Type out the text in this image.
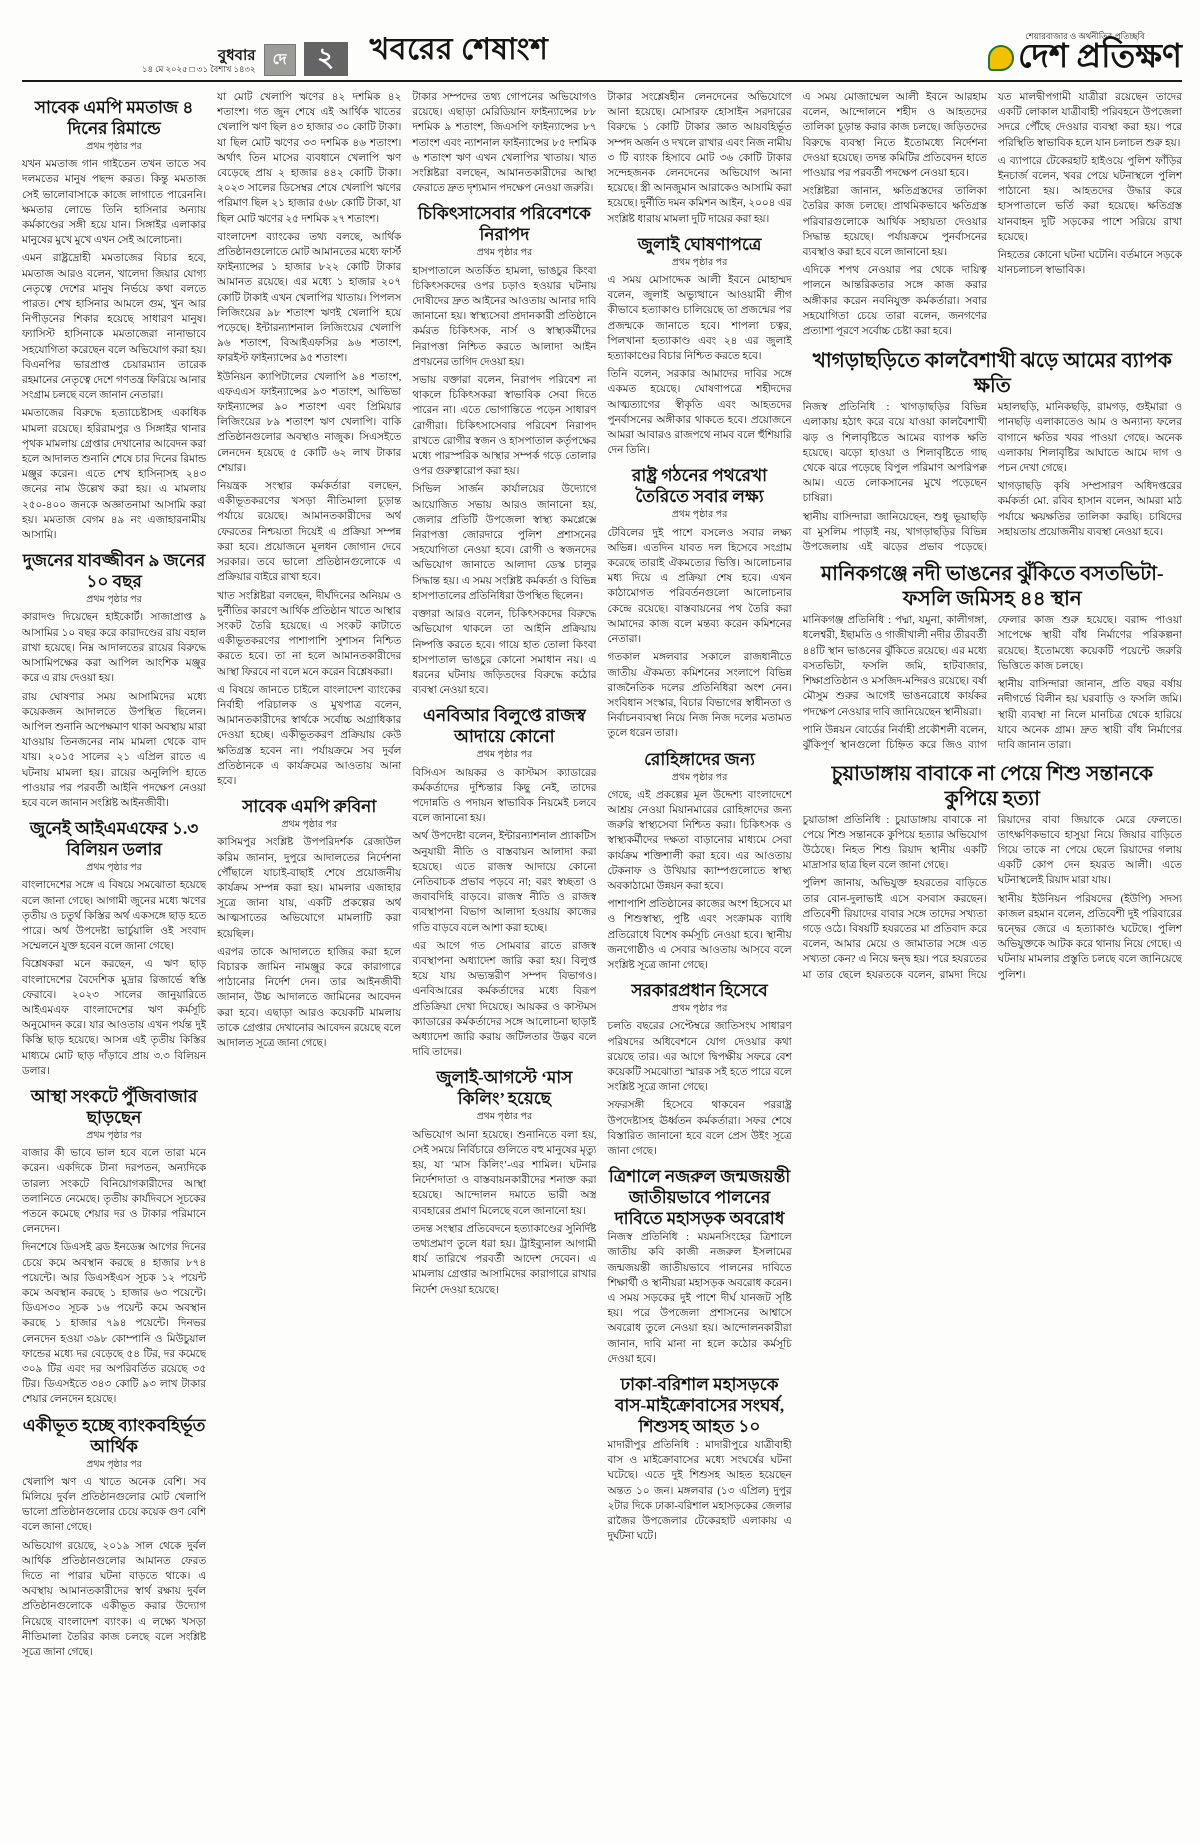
বুধবার
১৪ মে ২০২৫ □ ৩১ বৈশাখ ১৪৩২
দে	২	খবরের শেষাংশ	শেয়ারবাজার ও অর্থনীতির প্রতিচ্ছবি
দেশ প্রতিক্ষণ
সাবেক এমপি মমতাজ ৪ দিনের রিমান্ডে
প্রথম পৃষ্ঠার পর

যখন মমতাজ গান গাইতেন তখন তাতে সব দলমতের মানুষ পছন্দ করত। কিন্তু মমতাজ সেই ভালোবাসাকে কাজে লাগাতে পারেননি। ক্ষমতার লোভে তিনি হাসিনার অন্যায় কর্মকাণ্ডের সঙ্গী হয়ে যান। সিঙ্গাইর এলাকার মানুষের মুখে মুখে এখন সেই আলোচনা।

এমন রাষ্ট্রদ্রোহী মমতাজের বিচার হবে, মমতাজ আরও বলেন, খালেদা জিয়ার যোগ্য নেতৃত্বে দেশের মানুষ নির্ভয়ে কথা বলতে পারত। শেখ হাসিনার আমলে গুম, খুন আর নিপীড়নের শিকার হয়েছে সাধারণ মানুষ। ফ্যাসিস্ট হাসিনাকে মমতাজেরা নানাভাবে সহযোগিতা করেছেন বলে অভিযোগ করা হয়। বিএনপির ভারপ্রাপ্ত চেয়ারম্যান তারেক রহমানের নেতৃত্বে দেশে গণতন্ত্র ফিরিয়ে আনার সংগ্রাম চলছে বলে জানান নেতারা।

মমতাজের বিরুদ্ধে হত্যাচেষ্টাসহ একাধিক মামলা রয়েছে। হরিরামপুর ও সিঙ্গাইর থানার পৃথক মামলায় গ্রেপ্তার দেখানোর আবেদন করা হলে আদালত শুনানি শেষে চার দিনের রিমান্ড মঞ্জুর করেন। এতে শেখ হাসিনাসহ ২৪৩ জনের নাম উল্লেখ করা হয়। এ মামলায় ২৫০-৪০০ জনকে অজ্ঞাতনামা আসামি করা হয়। মমতাজ বেগম ৪৯ নং এজাহারনামীয় আসামি।

দুজনের যাবজ্জীবন ৯ জনের ১০ বছর
প্রথম পৃষ্ঠার পর

কারাদণ্ড দিয়েছেন হাইকোর্ট। সাজাপ্রাপ্ত ৯ আসামির ১০ বছর করে কারাদণ্ডের রায় বহাল রাখা হয়েছে। নিম্ন আদালতের রায়ের বিরুদ্ধে আসামিপক্ষের করা আপিল আংশিক মঞ্জুর করে এ রায় দেওয়া হয়।

রায় ঘোষণার সময় আসামিদের মধ্যে কয়েকজন আদালতে উপস্থিত ছিলেন। আপিল শুনানি অপেক্ষমাণ থাকা অবস্থায় মারা যাওয়ায় তিনজনের নাম মামলা থেকে বাদ যায়। ২০১৫ সালের ২১ এপ্রিল রাতে এ ঘটনায় মামলা হয়। রায়ের অনুলিপি হাতে পাওয়ার পর পরবর্তী আইনি পদক্ষেপ নেওয়া হবে বলে জানান সংশ্লিষ্ট আইনজীবী।

জুনেই আইএমএফের ১.৩ বিলিয়ন ডলার
প্রথম পৃষ্ঠার পর

বাংলাদেশের সঙ্গে এ বিষয়ে সমঝোতা হয়েছে বলে জানা গেছে। আগামী জুনের মধ্যে ঋণের তৃতীয় ও চতুর্থ কিস্তির অর্থ একসঙ্গে ছাড় হতে পারে। অর্থ উপদেষ্টা ভার্চুয়ালি ওই সংবাদ সম্মেলনে যুক্ত হবেন বলে জানা গেছে।

বিশ্লেষকরা মনে করছেন, এ ঋণ ছাড় বাংলাদেশের বৈদেশিক মুদ্রার রিজার্ভে স্বস্তি ফেরাবে। ২০২৩ সালের জানুয়ারিতে আইএমএফ বাংলাদেশের ঋণ কর্মসূচি অনুমোদন করে। যার আওতায় এখন পর্যন্ত দুই কিস্তি ছাড় হয়েছে। আসন্ন এই তৃতীয় কিস্তির মাধ্যমে মোট ছাড় দাঁড়াবে প্রায় ৩.৩ বিলিয়ন ডলার।

আস্থা সংকটে পুঁজিবাজার ছাড়ছেন
প্রথম পৃষ্ঠার পর

বাজার কী ভাবে ভাল হবে বলে তারা মনে করেন। একদিকে টানা দরপতন, অন্যদিকে তারল্য সংকটে বিনিয়োগকারীদের আস্থা তলানিতে নেমেছে। তৃতীয় কার্যদিবসে সূচকের পতনে কমেছে শেয়ার দর ও টাকার পরিমানে লেনদেন।

দিনশেষে ডিএসই ব্রড ইনডেক্স আগের দিনের চেয়ে কমে অবস্থান করছে ৪ হাজার ৮৭৪ পয়েন্টে। আর ডিএসইএস সূচক ১২ পয়েন্ট কমে অবস্থান করছে ১ হাজার ৬৩ পয়েন্টে। ডিএস৩০ সূচক ১৬ পয়েন্ট কমে অবস্থান করছে ১ হাজার ৭৯৪ পয়েন্টে। দিনভর লেনদেন হওয়া ৩৯৮ কোম্পানি ও মিউচুয়াল ফান্ডের মধ্যে দর বেড়েছে ৫৪ টির, দর কমেছে ৩০৯ টির এবং দর অপরিবর্তিত রয়েছে ৩৫ টির। ডিএসইতে ৩৪৩ কোটি ৯৩ লাখ টাকার শেয়ার লেনদেন হয়েছে।

একীভূত হচ্ছে ব্যাংকবহির্ভূত আর্থিক
প্রথম পৃষ্ঠার পর

খেলাপি ঋণ এ খাতে অনেক বেশি। সব মিলিয়ে দুর্বল প্রতিষ্ঠানগুলোর মোট খেলাপি ভালো প্রতিষ্ঠানগুলোর চেয়ে কয়েক গুণ বেশি বলে জানা গেছে।

অভিযোগ রয়েছে, ২০১৯ সাল থেকে দুর্বল আর্থিক প্রতিষ্ঠানগুলোর আমানত ফেরত দিতে না পারার ঘটনা বাড়তে থাকে। এ অবস্থায় আমানতকারীদের স্বার্থ রক্ষায় দুর্বল প্রতিষ্ঠানগুলোকে একীভূত করার উদ্যোগ নিয়েছে বাংলাদেশ ব্যাংক। এ লক্ষ্যে খসড়া নীতিমালা তৈরির কাজ চলছে বলে সংশ্লিষ্ট সূত্রে জানা গেছে।

যা মোট খেলাপি ঋণের ৪২ দশমিক ৪২ শতাংশ। গত জুন শেষে এই আর্থিক খাতের খেলাপি ঋণ ছিল ৪৩ হাজার ৩০ কোটি টাকা। যা ছিল মোট ঋণের ৩৩ দশমিক ৪৬ শতাংশ। অর্থাৎ তিন মাসের ব্যবধানে খেলাপি ঋণ বেড়েছে প্রায় ২ হাজার ৪৪২ কোটি টাকা। ২০২৩ সালের ডিসেম্বর শেষে খেলাপি ঋণের পরিমাণ ছিল ২১ হাজার ৫৬৮ কোটি টাকা, যা ছিল মোট ঋণের ২৫ দশমিক ২৭ শতাংশ।

বাংলাদেশ ব্যাংকের তথ্য বলছে, আর্থিক প্রতিষ্ঠানগুলোতে মোট আমানতের মধ্যে ফার্স্ট ফাইন্যান্সের ১ হাজার ৮২২ কোটি টাকার আমানত রয়েছে। এর মধ্যে ১ হাজার ২০৭ কোটি টাকাই এখন খেলাপির খাতায়। পিপলস লিজিংয়ের ৯৮ শতাংশ ঋণই খেলাপি হয়ে পড়েছে। ইন্টারন্যাশনাল লিজিংয়ের খেলাপি ৯৬ শতাংশ, বিআইএফসির ৯৬ শতাংশ, ফারইস্ট ফাইন্যান্সের ৯৫ শতাংশ।

ইউনিয়ন ক্যাপিটালের খেলাপি ৯৪ শতাংশ, এফএএস ফাইন্যান্সের ৯৩ শতাংশ, আভিভা ফাইন্যান্সের ৯০ শতাংশ এবং প্রিমিয়ার লিজিংয়ের ৮৯ শতাংশ ঋণ খেলাপি। বাকি প্রতিষ্ঠানগুলোর অবস্থাও নাজুক। সিএসইতে লেনদেন হয়েছে ৫ কোটি ৬২ লাখ টাকার শেয়ার।

নিয়ন্ত্রক সংস্থার কর্মকর্তারা বলছেন, একীভূতকরণের খসড়া নীতিমালা চূড়ান্ত পর্যায়ে রয়েছে। আমানতকারীদের অর্থ ফেরতের নিশ্চয়তা দিয়েই এ প্রক্রিয়া সম্পন্ন করা হবে। প্রয়োজনে মূলধন জোগান দেবে সরকার। তবে ভালো প্রতিষ্ঠানগুলোকে এ প্রক্রিয়ার বাইরে রাখা হবে।

খাত সংশ্লিষ্টরা বলছেন, দীর্ঘদিনের অনিয়ম ও দুর্নীতির কারণে আর্থিক প্রতিষ্ঠান খাতে আস্থার সংকট তৈরি হয়েছে। এ সংকট কাটাতে একীভূতকরণের পাশাপাশি সুশাসন নিশ্চিত করতে হবে। তা না হলে আমানতকারীদের আস্থা ফিরবে না বলে মনে করেন বিশ্লেষকরা।

এ বিষয়ে জানতে চাইলে বাংলাদেশ ব্যাংকের নির্বাহী পরিচালক ও মুখপাত্র বলেন, আমানতকারীদের স্বার্থকে সর্বোচ্চ অগ্রাধিকার দেওয়া হচ্ছে। একীভূতকরণ প্রক্রিয়ায় কেউ ক্ষতিগ্রস্ত হবেন না। পর্যায়ক্রমে সব দুর্বল প্রতিষ্ঠানকে এ কার্যক্রমের আওতায় আনা হবে।

সাবেক এমপি রুবিনা
প্রথম পৃষ্ঠার পর

কাসিমপুর সংশ্লিষ্ট উপপরিদর্শক রেজাউল করিম জানান, দুপুরে আদালতের নির্দেশনা পৌঁছালে যাচাই-বাছাই শেষে প্রয়োজনীয় কার্যক্রম সম্পন্ন করা হয়। মামলার এজাহার সূত্রে জানা যায়, একটি প্রকল্পের অর্থ আত্মসাতের অভিযোগে মামলাটি করা হয়েছিল।

এরপর তাকে আদালতে হাজির করা হলে বিচারক জামিন নামঞ্জুর করে কারাগারে পাঠানোর নির্দেশ দেন। তার আইনজীবী জানান, উচ্চ আদালতে জামিনের আবেদন করা হবে। এছাড়া আরও কয়েকটি মামলায় তাকে গ্রেপ্তার দেখানোর আবেদন রয়েছে বলে আদালত সূত্রে জানা গেছে।

টাকার সম্পদের তথ্য গোপনের অভিযোগও রয়েছে। এছাড়া মেরিডিয়ান ফাইন্যান্সের ৮৮ দশমিক ৯ শতাংশ, জিএসপি ফাইন্যান্সের ৮৭ শতাংশ এবং ন্যাশনাল ফাইন্যান্সের ৮৫ দশমিক ৬ শতাংশ ঋণ এখন খেলাপির খাতায়। খাত সংশ্লিষ্টরা বলছেন, আমানতকারীদের আস্থা ফেরাতে দ্রুত দৃশ্যমান পদক্ষেপ নেওয়া জরুরি।

চিকিৎসাসেবার পরিবেশকে নিরাপদ
প্রথম পৃষ্ঠার পর

হাসপাতালে অতর্কিত হামলা, ভাঙচুর কিংবা চিকিৎসকদের ওপর চড়াও হওয়ার ঘটনায় দোষীদের দ্রুত আইনের আওতায় আনার দাবি জানানো হয়। স্বাস্থ্যসেবা প্রদানকারী প্রতিষ্ঠানে কর্মরত চিকিৎসক, নার্স ও স্বাস্থ্যকর্মীদের নিরাপত্তা নিশ্চিত করতে আলাদা আইন প্রণয়নের তাগিদ দেওয়া হয়।

সভায় বক্তারা বলেন, নিরাপদ পরিবেশ না থাকলে চিকিৎসকরা স্বাভাবিক সেবা দিতে পারেন না। এতে ভোগান্তিতে পড়েন সাধারণ রোগীরা। চিকিৎসাসেবার পরিবেশ নিরাপদ রাখতে রোগীর স্বজন ও হাসপাতাল কর্তৃপক্ষের মধ্যে পারস্পরিক আস্থার সম্পর্ক গড়ে তোলার ওপর গুরুত্বারোপ করা হয়।

সিভিল সার্জন কার্যালয়ের উদ্যোগে আয়োজিত সভায় আরও জানানো হয়, জেলার প্রতিটি উপজেলা স্বাস্থ্য কমপ্লেক্সে নিরাপত্তা জোরদারে পুলিশ প্রশাসনের সহযোগিতা নেওয়া হবে। রোগী ও স্বজনদের অভিযোগ জানাতে আলাদা ডেস্ক চালুর সিদ্ধান্ত হয়। এ সময় সংশ্লিষ্ট কর্মকর্তা ও বিভিন্ন হাসপাতালের প্রতিনিধিরা উপস্থিত ছিলেন।

বক্তারা আরও বলেন, চিকিৎসকদের বিরুদ্ধে অভিযোগ থাকলে তা আইনি প্রক্রিয়ায় নিষ্পত্তি করতে হবে। গায়ে হাত তোলা কিংবা হাসপাতাল ভাঙচুর কোনো সমাধান নয়। এ ধরনের ঘটনায় জড়িতদের বিরুদ্ধে কঠোর ব্যবস্থা নেওয়া হবে।

এনবিআর বিলুপ্তে রাজস্ব আদায়ে কোনো
প্রথম পৃষ্ঠার পর

বিসিএস আয়কর ও কাস্টমস ক্যাডারের কর্মকর্তাদের দুশ্চিন্তার কিছু নেই, তাদের পদোন্নতি ও পদায়ন স্বাভাবিক নিয়মেই চলবে বলে জানানো হয়।

অর্থ উপদেষ্টা বলেন, ইন্টারন্যাশনাল প্র্যাকটিস অনুযায়ী নীতি ও বাস্তবায়ন আলাদা করা হয়েছে। এতে রাজস্ব আদায়ে কোনো নেতিবাচক প্রভাব পড়বে না; বরং স্বচ্ছতা ও জবাবদিহি বাড়বে। রাজস্ব নীতি ও রাজস্ব ব্যবস্থাপনা বিভাগ আলাদা হওয়ায় কাজের গতি বাড়বে বলে আশা করা হচ্ছে।

এর আগে গত সোমবার রাতে রাজস্ব ব্যবস্থাপনা অধ্যাদেশ জারি করা হয়। বিলুপ্ত হয়ে যায় অভ্যন্তরীণ সম্পদ বিভাগও। এনবিআরের কর্মকর্তাদের মধ্যে বিরূপ প্রতিক্রিয়া দেখা দিয়েছে। আয়কর ও কাস্টমস ক্যাডারের কর্মকর্তাদের সঙ্গে আলোচনা ছাড়াই অধ্যাদেশ জারি করায় জটিলতার উদ্ভব বলে দাবি তাদের।

জুলাই-আগস্টে ‘মাস কিলিং’ হয়েছে
প্রথম পৃষ্ঠার পর

অভিযোগ আনা হয়েছে। শুনানিতে বলা হয়, সেই সময়ে নির্বিচারে গুলিতে বহু মানুষের মৃত্যু হয়, যা ‘মাস কিলিং’-এর শামিল। ঘটনার নির্দেশদাতা ও বাস্তবায়নকারীদের শনাক্ত করা হয়েছে। আন্দোলন দমাতে ভারী অস্ত্র ব্যবহারের প্রমাণ মিলেছে বলে জানানো হয়।

তদন্ত সংস্থার প্রতিবেদনে হত্যাকাণ্ডের সুনির্দিষ্ট তথ্যপ্রমাণ তুলে ধরা হয়। ট্রাইব্যুনাল আগামী ধার্য তারিখে পরবর্তী আদেশ দেবেন। এ মামলায় গ্রেপ্তার আসামিদের কারাগারে রাখার নির্দেশ দেওয়া হয়েছে।

টাকার সংশ্লেষহীন লেনদেনের অভিযোগে আনা হয়েছে। মোসারফ হোসাইন সরদারের বিরুদ্ধে ১ কোটি টাকার জ্ঞাত আয়বহির্ভূত সম্পদ অর্জন ও দখলে রাখার এবং নিজ নামীয় ৩ টি ব্যাংক হিসাবে মোট ৩৬ কোটি টাকার সন্দেহজনক লেনদেনের অভিযোগ আনা হয়েছে। স্ত্রী আনজুমান আরাকেও আসামি করা হয়েছে। দুর্নীতি দমন কমিশন আইন, ২০০৪ এর সংশ্লিষ্ট ধারায় মামলা দুটি দায়ের করা হয়।

জুলাই ঘোষণাপত্রে
প্রথম পৃষ্ঠার পর

এ সময় মোসাদ্দেক আলী ইবনে মোহাম্মদ বলেন, জুলাই অভ্যুত্থানে আওয়ামী লীগ কীভাবে হত্যাকাণ্ড চালিয়েছে তা প্রজন্মের পর প্রজন্মকে জানাতে হবে। শাপলা চত্বর, পিলখানা হত্যাকাণ্ড এবং ২৪ এর জুলাই হত্যাকাণ্ডের বিচার নিশ্চিত করতে হবে।

তিনি বলেন, সরকার আমাদের দাবির সঙ্গে একমত হয়েছে। ঘোষণাপত্রে শহীদদের আত্মত্যাগের স্বীকৃতি এবং আহতদের পুনর্বাসনের অঙ্গীকার থাকতে হবে। প্রয়োজনে আমরা আবারও রাজপথে নামব বলে হুঁশিয়ারি দেন তিনি।

রাষ্ট্র গঠনের পথরেখা তৈরিতে সবার লক্ষ্য
প্রথম পৃষ্ঠার পর

টেবিলের দুই পাশে বসলেও সবার লক্ষ্য অভিন্ন। এতদিন যাবত দল হিসেবে সংগ্রাম করেছে তারাই ঐকমত্যের ভিত্তি। আলোচনার মধ্য দিয়ে এ প্রক্রিয়া শেষ হবে। এখন কাঠামোগত পরিবর্তনগুলো আলোচনার কেন্দ্রে রয়েছে। বাস্তবায়নের পথ তৈরি করা আমাদের কাজ বলে মন্তব্য করেন কমিশনের নেতারা।

গতকাল মঙ্গলবার সকালে রাজধানীতে জাতীয় ঐকমত্য কমিশনের সংলাপে বিভিন্ন রাজনৈতিক দলের প্রতিনিধিরা অংশ নেন। সংবিধান সংস্কার, বিচার বিভাগের স্বাধীনতা ও নির্বাচনব্যবস্থা নিয়ে নিজ নিজ দলের মতামত তুলে ধরেন তারা।

রোহিঙ্গাদের জন্য
প্রথম পৃষ্ঠার পর

গেছে, এই প্রকল্পের মূল উদ্দেশ্য বাংলাদেশে আশ্রয় নেওয়া মিয়ানমারের রোহিঙ্গাদের জন্য জরুরি স্বাস্থ্যসেবা নিশ্চিত করা। চিকিৎসক ও স্বাস্থ্যকর্মীদের দক্ষতা বাড়ানোর মাধ্যমে সেবা কার্যক্রম শক্তিশালী করা হবে। এর আওতায় টেকনাফ ও উখিয়ার ক্যাম্পগুলোতে স্বাস্থ্য অবকাঠামো উন্নয়ন করা হবে।

পাশাপাশি প্রতিষ্ঠানের কাজের অংশ হিসেবে মা ও শিশুস্বাস্থ্য, পুষ্টি এবং সংক্রামক ব্যাধি প্রতিরোধে বিশেষ কর্মসূচি নেওয়া হবে। স্থানীয় জনগোষ্ঠীও এ সেবার আওতায় আসবে বলে সংশ্লিষ্ট সূত্রে জানা গেছে।

সরকারপ্রধান হিসেবে
প্রথম পৃষ্ঠার পর

চলতি বছরের সেপ্টেম্বরে জাতিসংঘ সাধারণ পরিষদের অধিবেশনে যোগ দেওয়ার কথা রয়েছে তার। এর আগে দ্বিপক্ষীয় সফরে বেশ কয়েকটি সমঝোতা স্মারক সই হতে পারে বলে সংশ্লিষ্ট সূত্রে জানা গেছে।

সফরসঙ্গী হিসেবে থাকবেন পররাষ্ট্র উপদেষ্টাসহ ঊর্ধ্বতন কর্মকর্তারা। সফর শেষে বিস্তারিত জানানো হবে বলে প্রেস উইং সূত্রে জানা গেছে।

ত্রিশালে নজরুল জন্মজয়ন্তী জাতীয়ভাবে পালনের দাবিতে মহাসড়ক অবরোধ

নিজস্ব প্রতিনিধি : ময়মনসিংহের ত্রিশালে জাতীয় কবি কাজী নজরুল ইসলামের জন্মজয়ন্তী জাতীয়ভাবে পালনের দাবিতে শিক্ষার্থী ও স্থানীয়রা মহাসড়ক অবরোধ করেন। এ সময় সড়কের দুই পাশে দীর্ঘ যানজট সৃষ্টি হয়। পরে উপজেলা প্রশাসনের আশ্বাসে অবরোধ তুলে নেওয়া হয়। আন্দোলনকারীরা জানান, দাবি মানা না হলে কঠোর কর্মসূচি দেওয়া হবে।

ঢাকা-বরিশাল মহাসড়কে বাস-মাইক্রোবাসের সংঘর্ষ, শিশুসহ আহত ১০

মাদারীপুর প্রতিনিধি : মাদারীপুরে যাত্রীবাহী বাস ও মাইক্রোবাসের মধ্যে সংঘর্ষের ঘটনা ঘটেছে। এতে দুই শিশুসহ আহত হয়েছেন অন্তত ১০ জন। মঙ্গলবার (১৩ এপ্রিল) দুপুর ২টার দিকে ঢাকা-বরিশাল মহাসড়কের জেলার রাজৈর উপজেলার টেকেরহাট এলাকায় এ দুর্ঘটনা ঘটে।

এ সময় মোজাম্মেল আলী ইবনে আরহাম বলেন, আন্দোলনে শহীদ ও আহতদের তালিকা চূড়ান্ত করার কাজ চলছে। জড়িতদের বিরুদ্ধে ব্যবস্থা নিতে ইতোমধ্যে নির্দেশনা দেওয়া হয়েছে। তদন্ত কমিটির প্রতিবেদন হাতে পাওয়ার পর পরবর্তী পদক্ষেপ নেওয়া হবে।

সংশ্লিষ্টরা জানান, ক্ষতিগ্রস্তদের তালিকা তৈরির কাজ চলছে। প্রাথমিকভাবে ক্ষতিগ্রস্ত পরিবারগুলোকে আর্থিক সহায়তা দেওয়ার সিদ্ধান্ত হয়েছে। পর্যায়ক্রমে পুনর্বাসনের ব্যবস্থাও করা হবে বলে জানানো হয়।

এদিকে শপথ নেওয়ার পর থেকে দায়িত্ব পালনে আন্তরিকতার সঙ্গে কাজ করার অঙ্গীকার করেন নবনিযুক্ত কর্মকর্তারা। সবার সহযোগিতা চেয়ে তারা বলেন, জনগণের প্রত্যাশা পূরণে সর্বোচ্চ চেষ্টা করা হবে।

যত মালদ্বীপগামী যাত্রীরা রয়েছেন তাদের একটি লোকাল যাত্রীবাহী পরিবহনে উপজেলা সদরে পৌঁছে দেওয়ার ব্যবস্থা করা হয়। পরে পরিস্থিতি স্বাভাবিক হলে যান চলাচল শুরু হয়।

এ ব্যাপারে টেকেরহাট হাইওয়ে পুলিশ ফাঁড়ির ইনচার্জ বলেন, খবর পেয়ে ঘটনাস্থলে পুলিশ পাঠানো হয়। আহতদের উদ্ধার করে হাসপাতালে ভর্তি করা হয়েছে। ক্ষতিগ্রস্ত যানবাহন দুটি সড়কের পাশে সরিয়ে রাখা হয়েছে।

নিহতের কোনো ঘটনা ঘটেনি। বর্তমানে সড়কে যানচলাচল স্বাভাবিক।

খাগড়াছড়িতে কালবৈশাখী ঝড়ে আমের ব্যাপক ক্ষতি

নিজস্ব প্রতিনিধি : খাগড়াছড়ির বিভিন্ন এলাকায় হঠাৎ করে বয়ে যাওয়া কালবৈশাখী ঝড় ও শিলাবৃষ্টিতে আমের ব্যাপক ক্ষতি হয়েছে। ঝড়ো হাওয়া ও শিলাবৃষ্টিতে গাছ থেকে ঝরে পড়েছে বিপুল পরিমাণ অপরিপক্ব আম। এতে লোকসানের মুখে পড়েছেন চাষিরা।

স্থানীয় বাসিন্দারা জানিয়েছেন, শুধু ভূয়াছড়ি বা মুসলিম পাড়াই নয়, খাগড়াছড়ির বিভিন্ন উপজেলায় এই ঝড়ের প্রভাব পড়েছে। মহালছড়ি, মানিকছড়ি, রামগড়, গুইমারা ও পানছড়ি এলাকাতেও আম ও অন্যান্য ফলের বাগানে ক্ষতির খবর পাওয়া গেছে। অনেক এলাকায় শিলাবৃষ্টির আঘাতে আমে দাগ ও পচন দেখা গেছে।

খাগড়াছড়ি কৃষি সম্প্রসারণ অধিদপ্তরের কর্মকর্তা মো. রবিব হাসান বলেন, আমরা মাঠ পর্যায়ে ক্ষয়ক্ষতির তালিকা করছি। চাষিদের সহায়তায় প্রয়োজনীয় ব্যবস্থা নেওয়া হবে।

মানিকগঞ্জে নদী ভাঙনের ঝুঁকিতে বসতভিটা-ফসলি জমিসহ ৪৪ স্থান

মানিকগঞ্জ প্রতিনিধি : পদ্মা, যমুনা, কালীগঙ্গা, ধলেশ্বরী, ইছামতি ও গাজীখালী নদীর তীরবর্তী ৪৪টি স্থান ভাঙনের ঝুঁকিতে রয়েছে। এর মধ্যে বসতভিটা, ফসলি জমি, হাটবাজার, শিক্ষাপ্রতিষ্ঠান ও মসজিদ-মন্দিরও রয়েছে। বর্ষা মৌসুম শুরুর আগেই ভাঙনরোধে কার্যকর পদক্ষেপ নেওয়ার দাবি জানিয়েছেন স্থানীয়রা।

পানি উন্নয়ন বোর্ডের নির্বাহী প্রকৌশলী বলেন, ঝুঁকিপূর্ণ স্থানগুলো চিহ্নিত করে জিও ব্যাগ ফেলার কাজ শুরু হয়েছে। বরাদ্দ পাওয়া সাপেক্ষে স্থায়ী বাঁধ নির্মাণের পরিকল্পনা রয়েছে। ইতোমধ্যে কয়েকটি পয়েন্টে জরুরি ভিত্তিতে কাজ চলছে।

স্থানীয় বাসিন্দারা জানান, প্রতি বছর বর্ষায় নদীগর্ভে বিলীন হয় ঘরবাড়ি ও ফসলি জমি। স্থায়ী ব্যবস্থা না নিলে মানচিত্র থেকে হারিয়ে যাবে অনেক গ্রাম। দ্রুত স্থায়ী বাঁধ নির্মাণের দাবি জানান তারা।

চুয়াডাঙ্গায় বাবাকে না পেয়ে শিশু সন্তানকে কুপিয়ে হত্যা

চুয়াডাঙ্গা প্রতিনিধি : চুয়াডাঙ্গায় বাবাকে না পেয়ে শিশু সন্তানকে কুপিয়ে হত্যার অভিযোগ উঠেছে। নিহত শিশু রিয়াদ স্থানীয় একটি মাদ্রাসার ছাত্র ছিল বলে জানা গেছে।

পুলিশ জানায়, অভিযুক্ত হযরতের বাড়িতে তার বোন-দুলাভাই এসে বসবাস করছেন। প্রতিবেশী রিয়াদের বাবার সঙ্গে তাদের সখ্যতা গড়ে ওঠে। বিষয়টি হযরতের মা প্রতিবাদ করে বলেন, আমার মেয়ে ও জামাতার সঙ্গে এত সখ্যতা কেন? এ নিয়ে দ্বন্দ্ব হয়। পরে হযরতের মা তার ছেলে হযরতকে বলেন, রামদা দিয়ে রিয়াদের বাবা জিয়াকে মেরে ফেলতে। তাৎক্ষণিকভাবে হাসুয়া নিয়ে জিয়ার বাড়িতে গিয়ে তাকে না পেয়ে ছেলে রিয়াদের গলায় একটি কোপ দেন হযরত আলী। এতে ঘটনাস্থলেই রিয়াদ মারা যায়।

স্থানীয় ইউনিয়ন পরিষদের (ইউপি) সদস্য কাজল রহমান বলেন, প্রতিবেশী দুই পরিবারের দ্বন্দ্বের জেরে এ হত্যাকাণ্ড ঘটেছে। পুলিশ অভিযুক্তকে আটক করে থানায় নিয়ে গেছে। এ ঘটনায় মামলার প্রস্তুতি চলছে বলে জানিয়েছে পুলিশ।
